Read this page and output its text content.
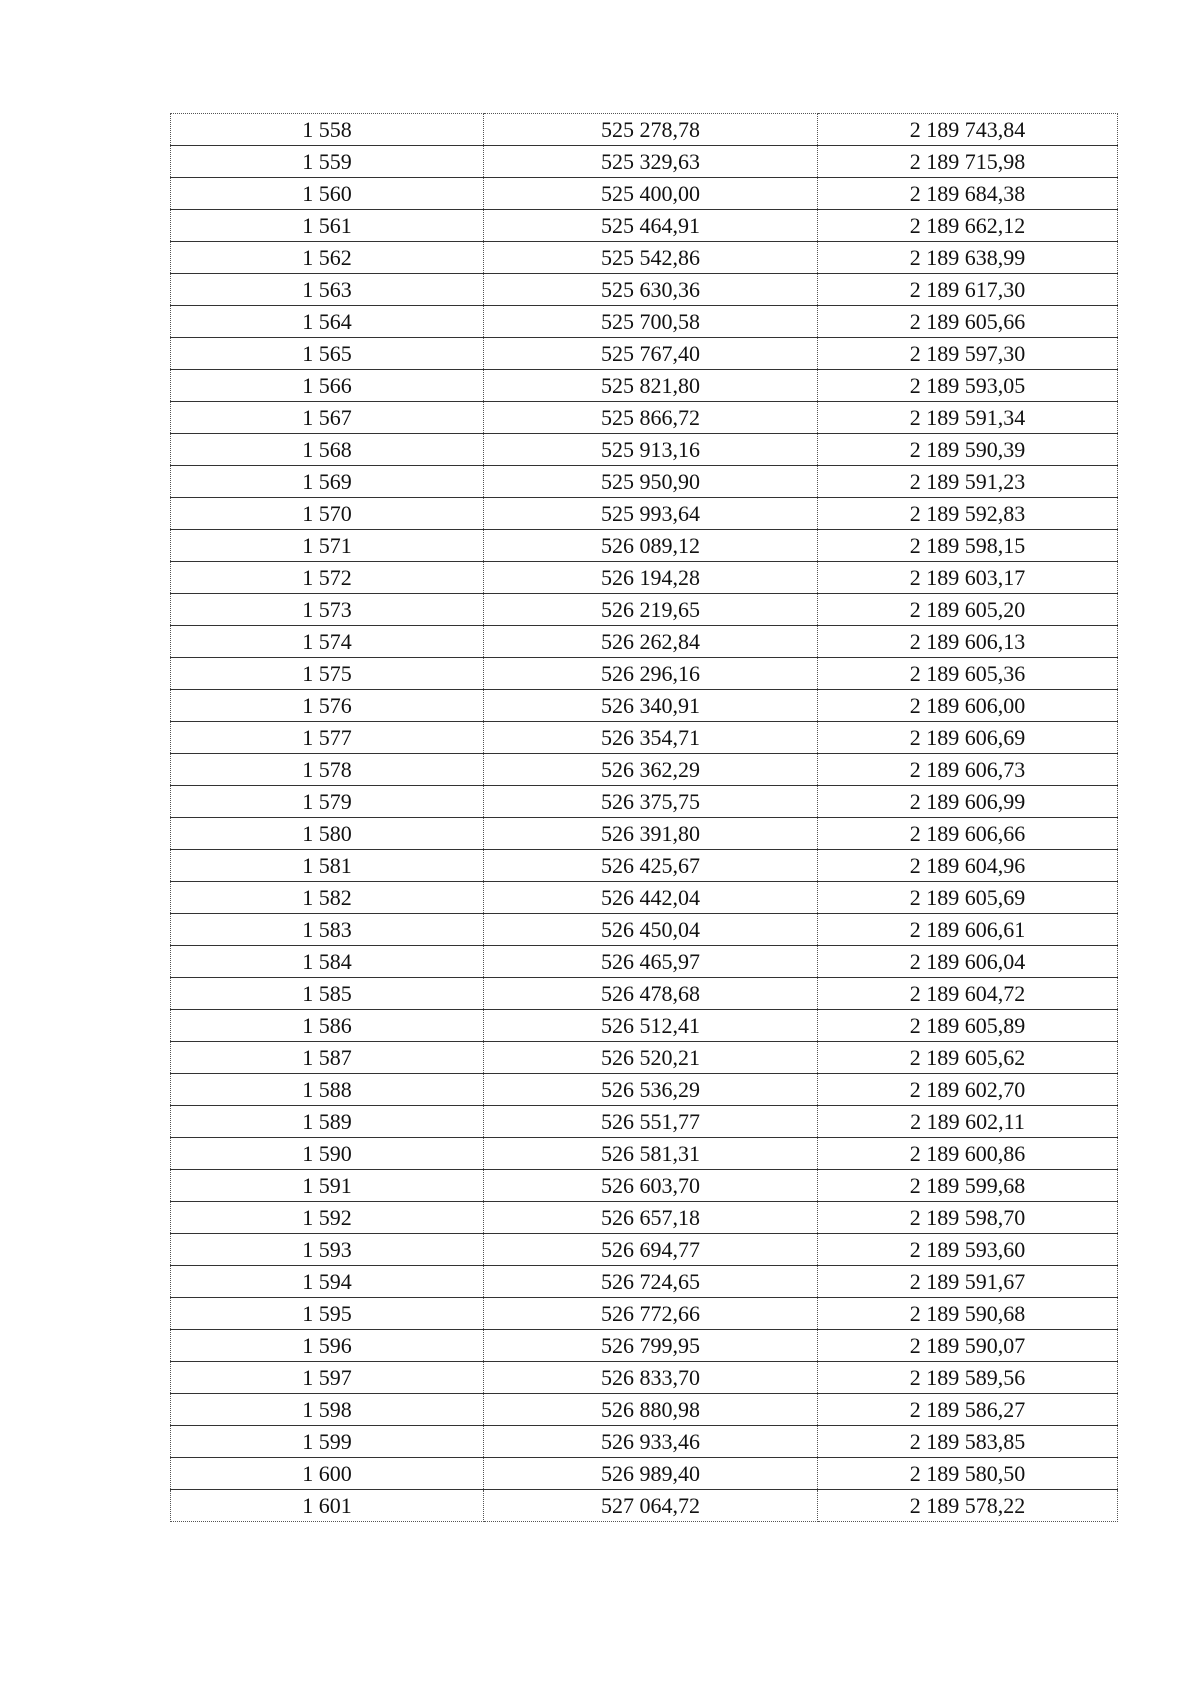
1 558	525 278,78	2 189 743,84
1 559	525 329,63	2 189 715,98
1 560	525 400,00	2 189 684,38
1 561	525 464,91	2 189 662,12
1 562	525 542,86	2 189 638,99
1 563	525 630,36	2 189 617,30
1 564	525 700,58	2 189 605,66
1 565	525 767,40	2 189 597,30
1 566	525 821,80	2 189 593,05
1 567	525 866,72	2 189 591,34
1 568	525 913,16	2 189 590,39
1 569	525 950,90	2 189 591,23
1 570	525 993,64	2 189 592,83
1 571	526 089,12	2 189 598,15
1 572	526 194,28	2 189 603,17
1 573	526 219,65	2 189 605,20
1 574	526 262,84	2 189 606,13
1 575	526 296,16	2 189 605,36
1 576	526 340,91	2 189 606,00
1 577	526 354,71	2 189 606,69
1 578	526 362,29	2 189 606,73
1 579	526 375,75	2 189 606,99
1 580	526 391,80	2 189 606,66
1 581	526 425,67	2 189 604,96
1 582	526 442,04	2 189 605,69
1 583	526 450,04	2 189 606,61
1 584	526 465,97	2 189 606,04
1 585	526 478,68	2 189 604,72
1 586	526 512,41	2 189 605,89
1 587	526 520,21	2 189 605,62
1 588	526 536,29	2 189 602,70
1 589	526 551,77	2 189 602,11
1 590	526 581,31	2 189 600,86
1 591	526 603,70	2 189 599,68
1 592	526 657,18	2 189 598,70
1 593	526 694,77	2 189 593,60
1 594	526 724,65	2 189 591,67
1 595	526 772,66	2 189 590,68
1 596	526 799,95	2 189 590,07
1 597	526 833,70	2 189 589,56
1 598	526 880,98	2 189 586,27
1 599	526 933,46	2 189 583,85
1 600	526 989,40	2 189 580,50
1 601	527 064,72	2 189 578,22
